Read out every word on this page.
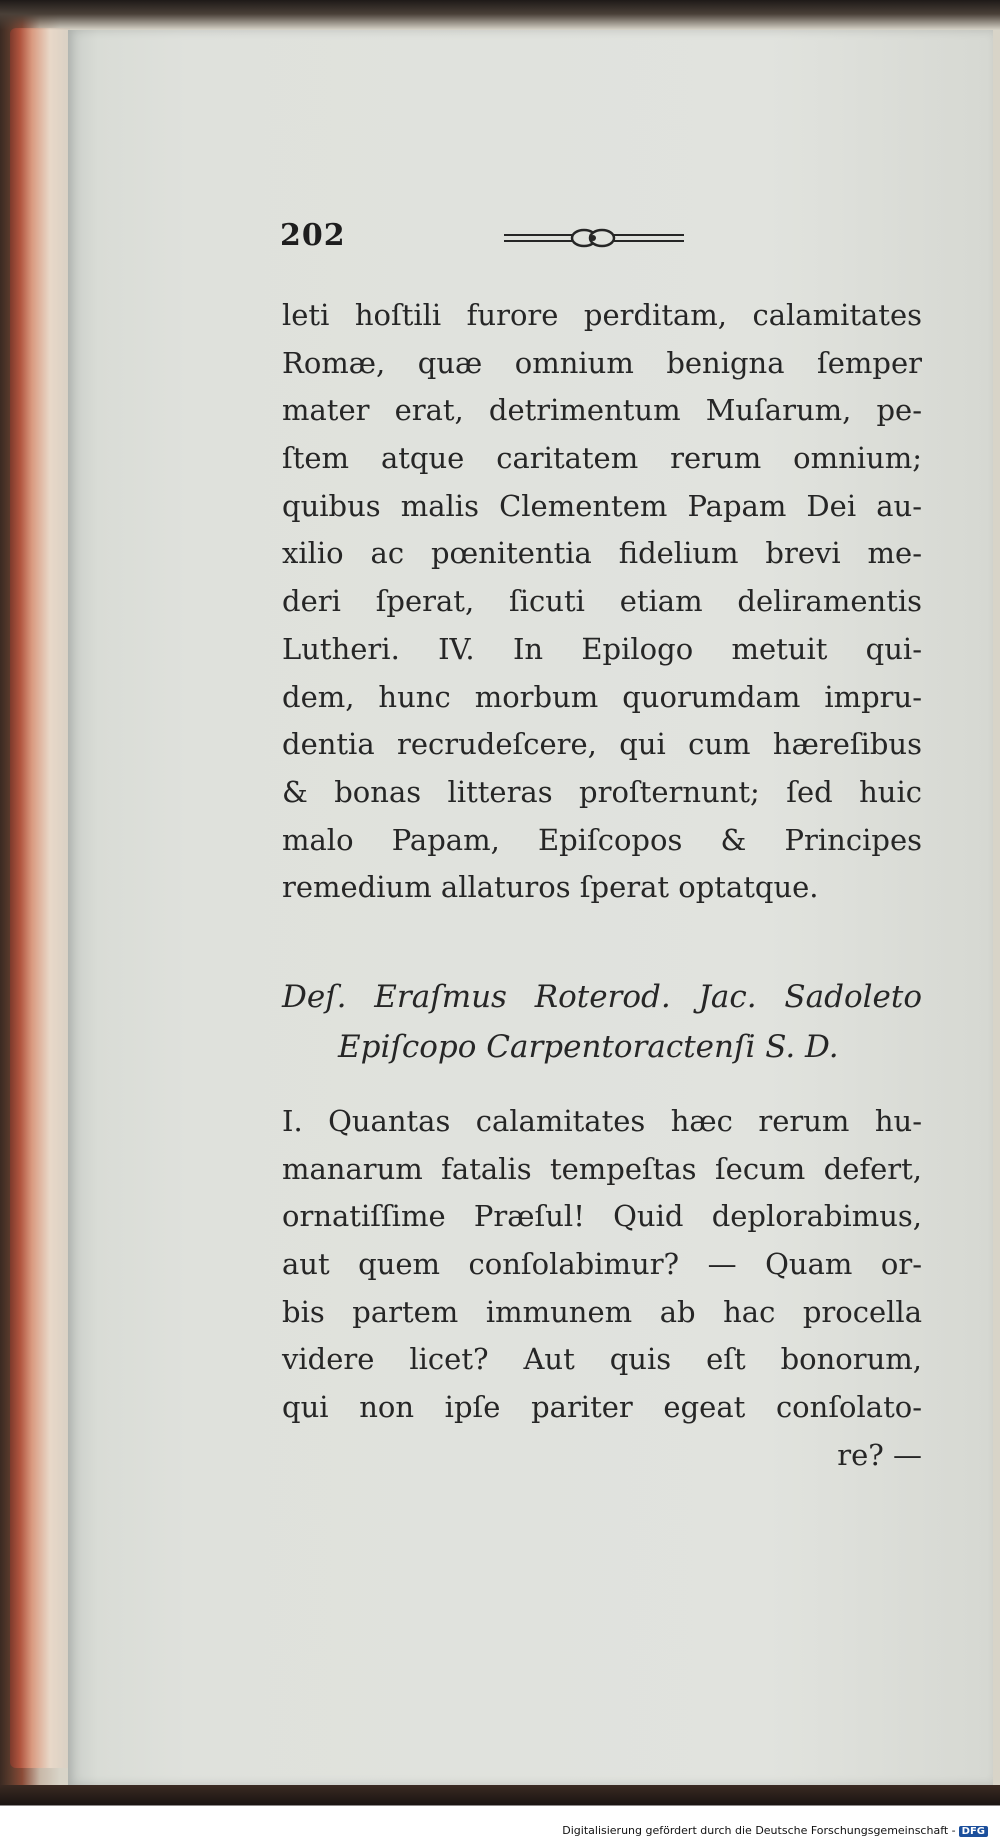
202
leti hoſtili furore perditam, calamitates
Romæ, quæ omnium benigna ſemper
mater erat, detrimentum Muſarum, pe-
ſtem atque caritatem rerum omnium;
quibus malis Clementem Papam Dei au-
xilio ac pœnitentia fidelium brevi me-
deri ſperat, ſicuti etiam deliramentis
Lutheri. IV. In Epilogo metuit qui-
dem, hunc morbum quorumdam impru-
dentia recrudeſcere, qui cum hæreſibus
& bonas litteras proſternunt; ſed huic
malo Papam, Epiſcopos & Principes
remedium allaturos ſperat optatque.
Deſ. Eraſmus Roterod. Jac. Sadoleto
Epiſcopo Carpentoractenſi S. D.
I. Quantas calamitates hæc rerum hu-
manarum fatalis tempeſtas ſecum defert,
ornatiſſime Præſul! Quid deplorabimus,
aut quem conſolabimur? — Quam or-
bis partem immunem ab hac procella
videre licet? Aut quis eſt bonorum,
qui non ipſe pariter egeat conſolato-
re? —
Digitalisierung gefördert durch die Deutsche Forschungsgemeinschaft - DFG
